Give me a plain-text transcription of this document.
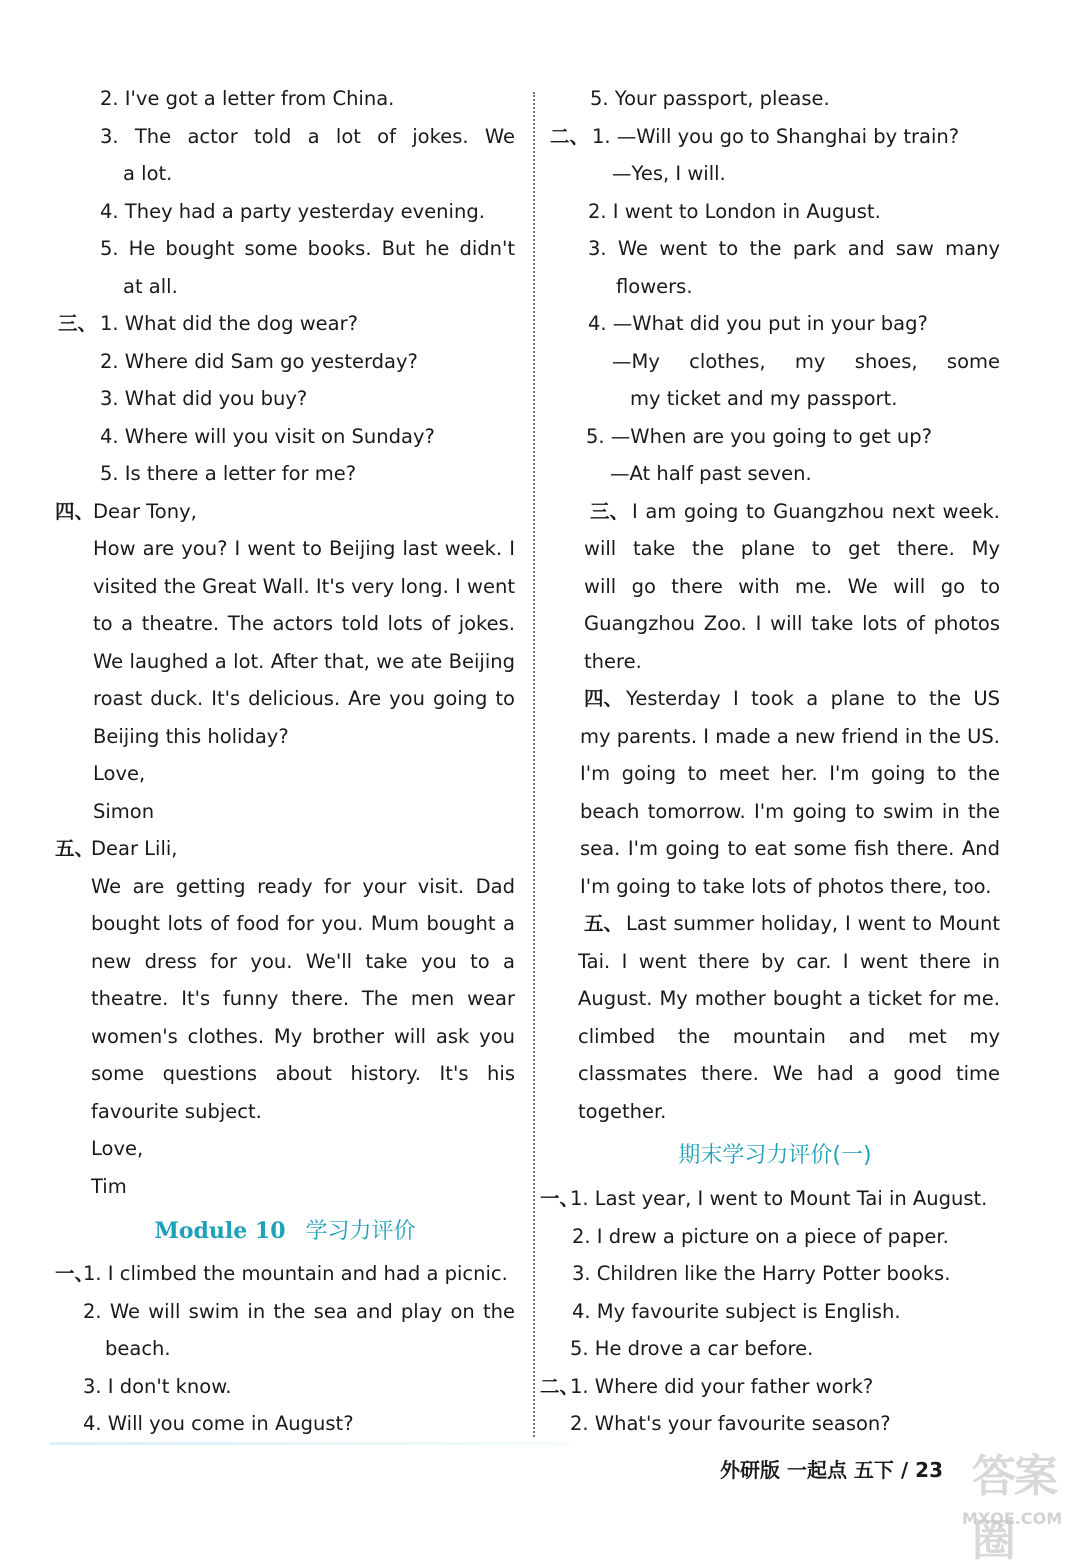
2. I've got a letter from China.
3. The actor told a lot of jokes. We
a lot.
4. They had a party yesterday evening.
5. He bought some books. But he didn't
at all.
三、 1. What did the dog wear?
2. Where did Sam go yesterday?
3. What did you buy?
4. Where will you visit on Sunday?
5. Is there a letter for me?
四、
Dear Tony,
How are you? I went to Beijing last week. I
visited the Great Wall. It's very long. I went
to a theatre. The actors told lots of jokes.
We laughed a lot. After that, we ate Beijing
roast duck. It's delicious. Are you going to
Beijing this holiday?
Love,
Simon
五、
Dear Lili,
We are getting ready for your visit. Dad
bought lots of food for you. Mum bought a
new dress for you. We'll take you to a
theatre. It's funny there. The men wear
women's clothes. My brother will ask you
some questions about history. It's his
favourite subject.
Love,
Tim
Module 10 学习力评价
一、
1. I climbed the mountain and had a picnic.
2. We will swim in the sea and play on the
beach.
3. I don't know.
4. Will you come in August?
5. Your passport, please.
二、 1. —Will you go to Shanghai by train?
—Yes, I will.
2. I went to London in August.
3. We went to the park and saw many
flowers.
4. —What did you put in your bag?
—My clothes, my shoes, some
my ticket and my passport.
5. —When are you going to get up?
—At half past seven.
三、 I am going to Guangzhou next week.
will take the plane to get there. My
will go there with me. We will go to
Guangzhou Zoo. I will take lots of photos
there.
四、 Yesterday I took a plane to the US
my parents. I made a new friend in the US.
I'm going to meet her. I'm going to the
beach tomorrow. I'm going to swim in the
sea. I'm going to eat some fish there. And
I'm going to take lots of photos there, too.
五、 Last summer holiday, I went to Mount
Tai. I went there by car. I went there in
August. My mother bought a ticket for me.
climbed the mountain and met my
classmates there. We had a good time
together.
期末学习力评价(一)
一、
1. Last year, I went to Mount Tai in August.
2. I drew a picture on a piece of paper.
3. Children like the Harry Potter books.
4. My favourite subject is English.
5. He drove a car before.
二、
1. Where did your father work?
2. What's your favourite season?
外研版 一起点 五下 / 23 答案圈
MXQE.COM
